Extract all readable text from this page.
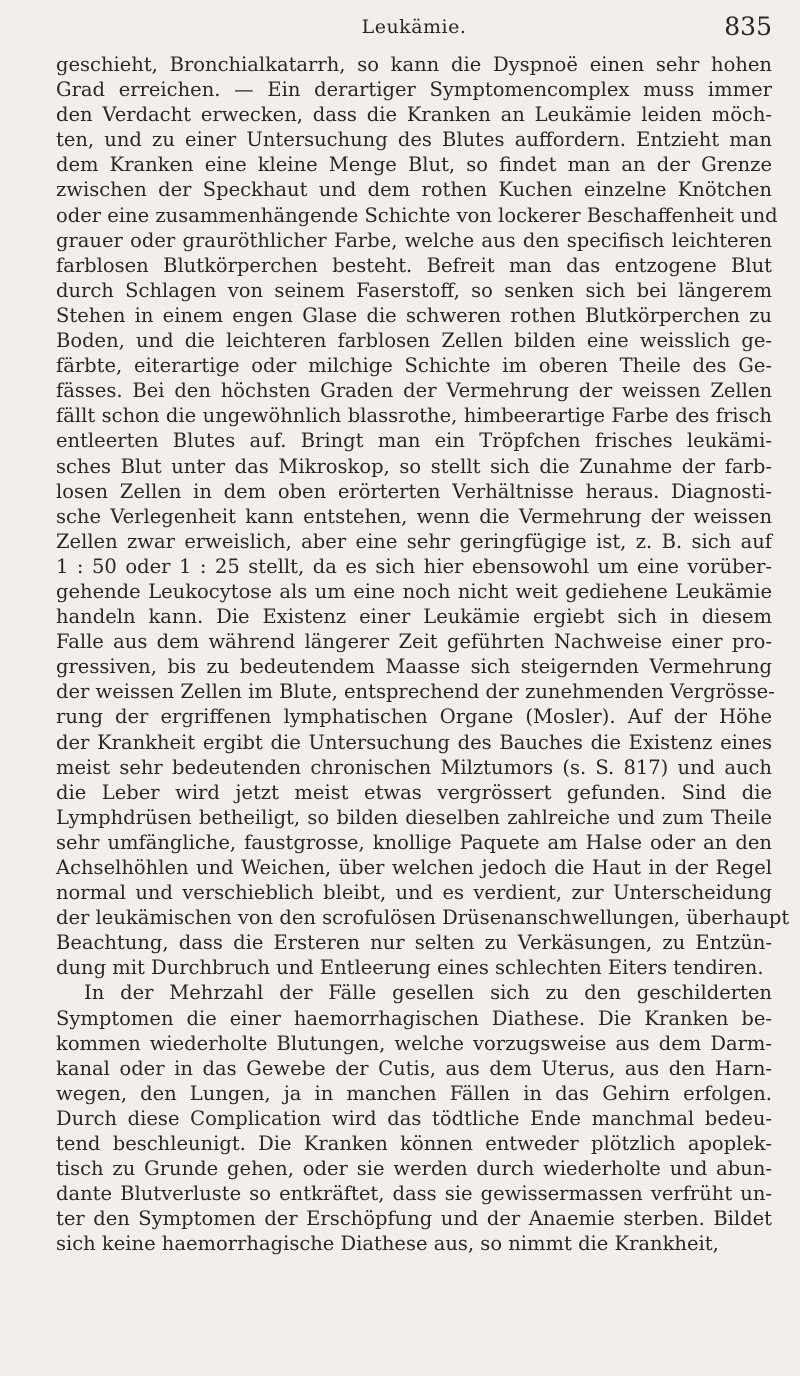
Leukämie.	835
geschieht, Bronchialkatarrh, so kann die Dyspnoë einen sehr hohen
Grad erreichen. — Ein derartiger Symptomencomplex muss immer
den Verdacht erwecken, dass die Kranken an Leukämie leiden möch-
ten, und zu einer Untersuchung des Blutes auffordern. Entzieht man
dem Kranken eine kleine Menge Blut, so findet man an der Grenze
zwischen der Speckhaut und dem rothen Kuchen einzelne Knötchen
oder eine zusammenhängende Schichte von lockerer Beschaffenheit und
grauer oder grauröthlicher Farbe, welche aus den specifisch leichteren
farblosen Blutkörperchen besteht. Befreit man das entzogene Blut
durch Schlagen von seinem Faserstoff, so senken sich bei längerem
Stehen in einem engen Glase die schweren rothen Blutkörperchen zu
Boden, und die leichteren farblosen Zellen bilden eine weisslich ge-
färbte, eiterartige oder milchige Schichte im oberen Theile des Ge-
fässes. Bei den höchsten Graden der Vermehrung der weissen Zellen
fällt schon die ungewöhnlich blassrothe, himbeerartige Farbe des frisch
entleerten Blutes auf. Bringt man ein Tröpfchen frisches leukämi-
sches Blut unter das Mikroskop, so stellt sich die Zunahme der farb-
losen Zellen in dem oben erörterten Verhältnisse heraus. Diagnosti-
sche Verlegenheit kann entstehen, wenn die Vermehrung der weissen
Zellen zwar erweislich, aber eine sehr geringfügige ist, z. B. sich auf
1 : 50 oder 1 : 25 stellt, da es sich hier ebensowohl um eine vorüber-
gehende Leukocytose als um eine noch nicht weit gediehene Leukämie
handeln kann. Die Existenz einer Leukämie ergiebt sich in diesem
Falle aus dem während längerer Zeit geführten Nachweise einer pro-
gressiven, bis zu bedeutendem Maasse sich steigernden Vermehrung
der weissen Zellen im Blute, entsprechend der zunehmenden Vergrösse-
rung der ergriffenen lymphatischen Organe (Mosler). Auf der Höhe
der Krankheit ergibt die Untersuchung des Bauches die Existenz eines
meist sehr bedeutenden chronischen Milztumors (s. S. 817) und auch
die Leber wird jetzt meist etwas vergrössert gefunden. Sind die
Lymphdrüsen betheiligt, so bilden dieselben zahlreiche und zum Theile
sehr umfängliche, faustgrosse, knollige Paquete am Halse oder an den
Achselhöhlen und Weichen, über welchen jedoch die Haut in der Regel
normal und verschieblich bleibt, und es verdient, zur Unterscheidung
der leukämischen von den scrofulösen Drüsenanschwellungen, überhaupt
Beachtung, dass die Ersteren nur selten zu Verkäsungen, zu Entzün-
dung mit Durchbruch und Entleerung eines schlechten Eiters tendiren.
In der Mehrzahl der Fälle gesellen sich zu den geschilderten
Symptomen die einer haemorrhagischen Diathese. Die Kranken be-
kommen wiederholte Blutungen, welche vorzugsweise aus dem Darm-
kanal oder in das Gewebe der Cutis, aus dem Uterus, aus den Harn-
wegen, den Lungen, ja in manchen Fällen in das Gehirn erfolgen.
Durch diese Complication wird das tödtliche Ende manchmal bedeu-
tend beschleunigt. Die Kranken können entweder plötzlich apoplek-
tisch zu Grunde gehen, oder sie werden durch wiederholte und abun-
dante Blutverluste so entkräftet, dass sie gewissermassen verfrüht un-
ter den Symptomen der Erschöpfung und der Anaemie sterben. Bildet
sich keine haemorrhagische Diathese aus, so nimmt die Krankheit,
